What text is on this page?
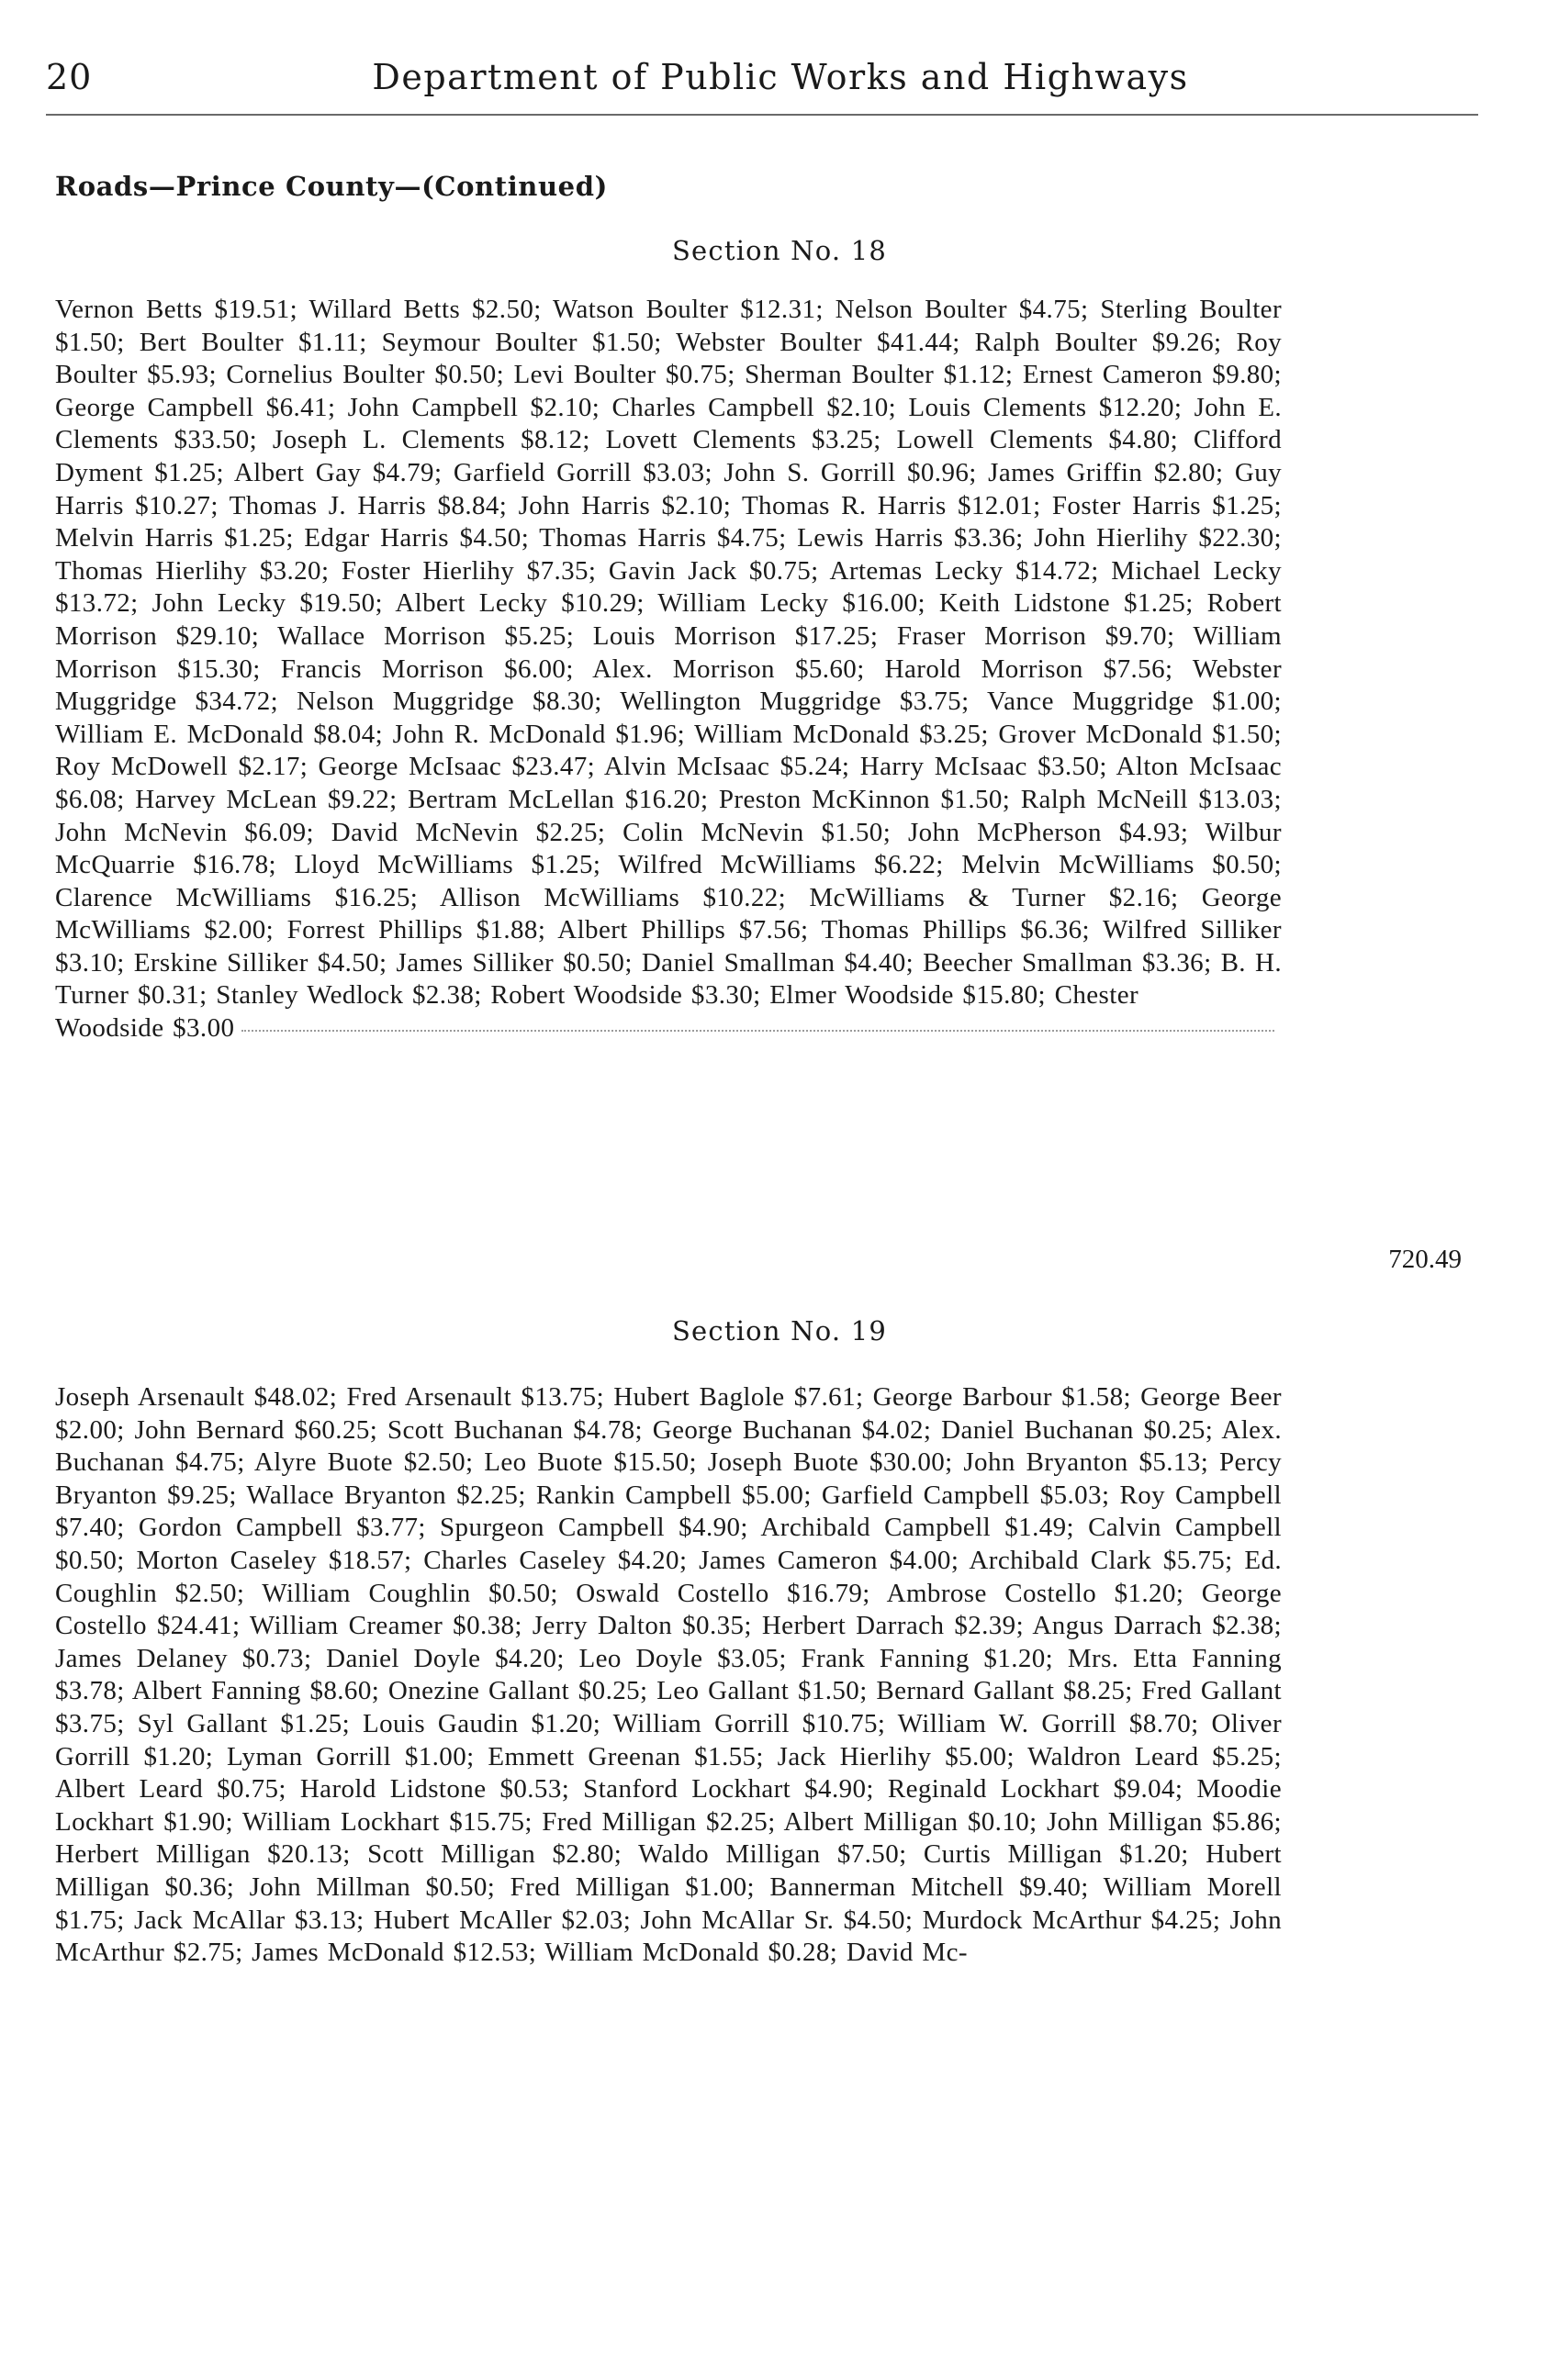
20	Department of Public Works and Highways
Roads—Prince County—(Continued)
Section No. 18
Vernon Betts $19.51; Willard Betts $2.50; Watson Boulter $12.31; Nelson Boulter $4.75; Sterling Boulter $1.50; Bert Boulter $1.11; Seymour Boulter $1.50; Webster Boulter $41.44; Ralph Boulter $9.26; Roy Boulter $5.93; Cornelius Boulter $0.50; Levi Boulter $0.75; Sherman Boulter $1.12; Ernest Cameron $9.80; George Campbell $6.41; John Campbell $2.10; Charles Campbell $2.10; Louis Clements $12.20; John E. Clements $33.50; Joseph L. Clements $8.12; Lovett Clements $3.25; Lowell Clements $4.80; Clifford Dyment $1.25; Albert Gay $4.79; Garfield Gorrill $3.03; John S. Gorrill $0.96; James Griffin $2.80; Guy Harris $10.27; Thomas J. Harris $8.84; John Harris $2.10; Thomas R. Harris $12.01; Foster Harris $1.25; Melvin Harris $1.25; Edgar Harris $4.50; Thomas Harris $4.75; Lewis Harris $3.36; John Hierlihy $22.30; Thomas Hierlihy $3.20; Foster Hierlihy $7.35; Gavin Jack $0.75; Artemas Lecky $14.72; Michael Lecky $13.72; John Lecky $19.50; Albert Lecky $10.29; William Lecky $16.00; Keith Lidstone $1.25; Robert Morrison $29.10; Wallace Morrison $5.25; Louis Morrison $17.25; Fraser Morrison $9.70; William Morrison $15.30; Francis Morrison $6.00; Alex. Morrison $5.60; Harold Morrison $7.56; Webster Muggridge $34.72; Nelson Muggridge $8.30; Wellington Muggridge $3.75; Vance Muggridge $1.00; William E. McDonald $8.04; John R. McDonald $1.96; William McDonald $3.25; Grover McDonald $1.50; Roy McDowell $2.17; George McIsaac $23.47; Alvin McIsaac $5.24; Harry McIsaac $3.50; Alton McIsaac $6.08; Harvey McLean $9.22; Bertram McLellan $16.20; Preston McKinnon $1.50; Ralph McNeill $13.03; John McNevin $6.09; David McNevin $2.25; Colin McNevin $1.50; John McPherson $4.93; Wilbur McQuarrie $16.78; Lloyd McWilliams $1.25; Wilfred McWilliams $6.22; Melvin McWilliams $0.50; Clarence McWilliams $16.25; Allison McWilliams $10.22; McWilliams & Turner $2.16; George McWilliams $2.00; Forrest Phillips $1.88; Albert Phillips $7.56; Thomas Phillips $6.36; Wilfred Silliker $3.10; Erskine Silliker $4.50; James Silliker $0.50; Daniel Smallman $4.40; Beecher Smallman $3.36; B. H. Turner $0.31; Stanley Wedlock $2.38; Robert Woodside $3.30; Elmer Woodside $15.80; Chester
Woodside $3.00
720.49
Section No. 19
Joseph Arsenault $48.02; Fred Arsenault $13.75; Hubert Baglole $7.61; George Barbour $1.58; George Beer $2.00; John Bernard $60.25; Scott Buchanan $4.78; George Buchanan $4.02; Daniel Buchanan $0.25; Alex. Buchanan $4.75; Alyre Buote $2.50; Leo Buote $15.50; Joseph Buote $30.00; John Bryanton $5.13; Percy Bryanton $9.25; Wallace Bryanton $2.25; Rankin Campbell $5.00; Garfield Campbell $5.03; Roy Campbell $7.40; Gordon Campbell $3.77; Spurgeon Campbell $4.90; Archibald Campbell $1.49; Calvin Campbell $0.50; Morton Caseley $18.57; Charles Caseley $4.20; James Cameron $4.00; Archibald Clark $5.75; Ed. Coughlin $2.50; William Coughlin $0.50; Oswald Costello $16.79; Ambrose Costello $1.20; George Costello $24.41; William Creamer $0.38; Jerry Dalton $0.35; Herbert Darrach $2.39; Angus Darrach $2.38; James Delaney $0.73; Daniel Doyle $4.20; Leo Doyle $3.05; Frank Fanning $1.20; Mrs. Etta Fanning $3.78; Albert Fanning $8.60; Onezine Gallant $0.25; Leo Gallant $1.50; Bernard Gallant $8.25; Fred Gallant $3.75; Syl Gallant $1.25; Louis Gaudin $1.20; William Gorrill $10.75; William W. Gorrill $8.70; Oliver Gorrill $1.20; Lyman Gorrill $1.00; Emmett Greenan $1.55; Jack Hierlihy $5.00; Waldron Leard $5.25; Albert Leard $0.75; Harold Lidstone $0.53; Stanford Lockhart $4.90; Reginald Lockhart $9.04; Moodie Lockhart $1.90; William Lockhart $15.75; Fred Milligan $2.25; Albert Milligan $0.10; John Milligan $5.86; Herbert Milligan $20.13; Scott Milligan $2.80; Waldo Milligan $7.50; Curtis Milligan $1.20; Hubert Milligan $0.36; John Millman $0.50; Fred Milligan $1.00; Bannerman Mitchell $9.40; William Morell $1.75; Jack McAllar $3.13; Hubert McAller $2.03; John McAllar Sr. $4.50; Murdock McArthur $4.25; John McArthur $2.75; James McDonald $12.53; William McDonald $0.28; David Mc-
